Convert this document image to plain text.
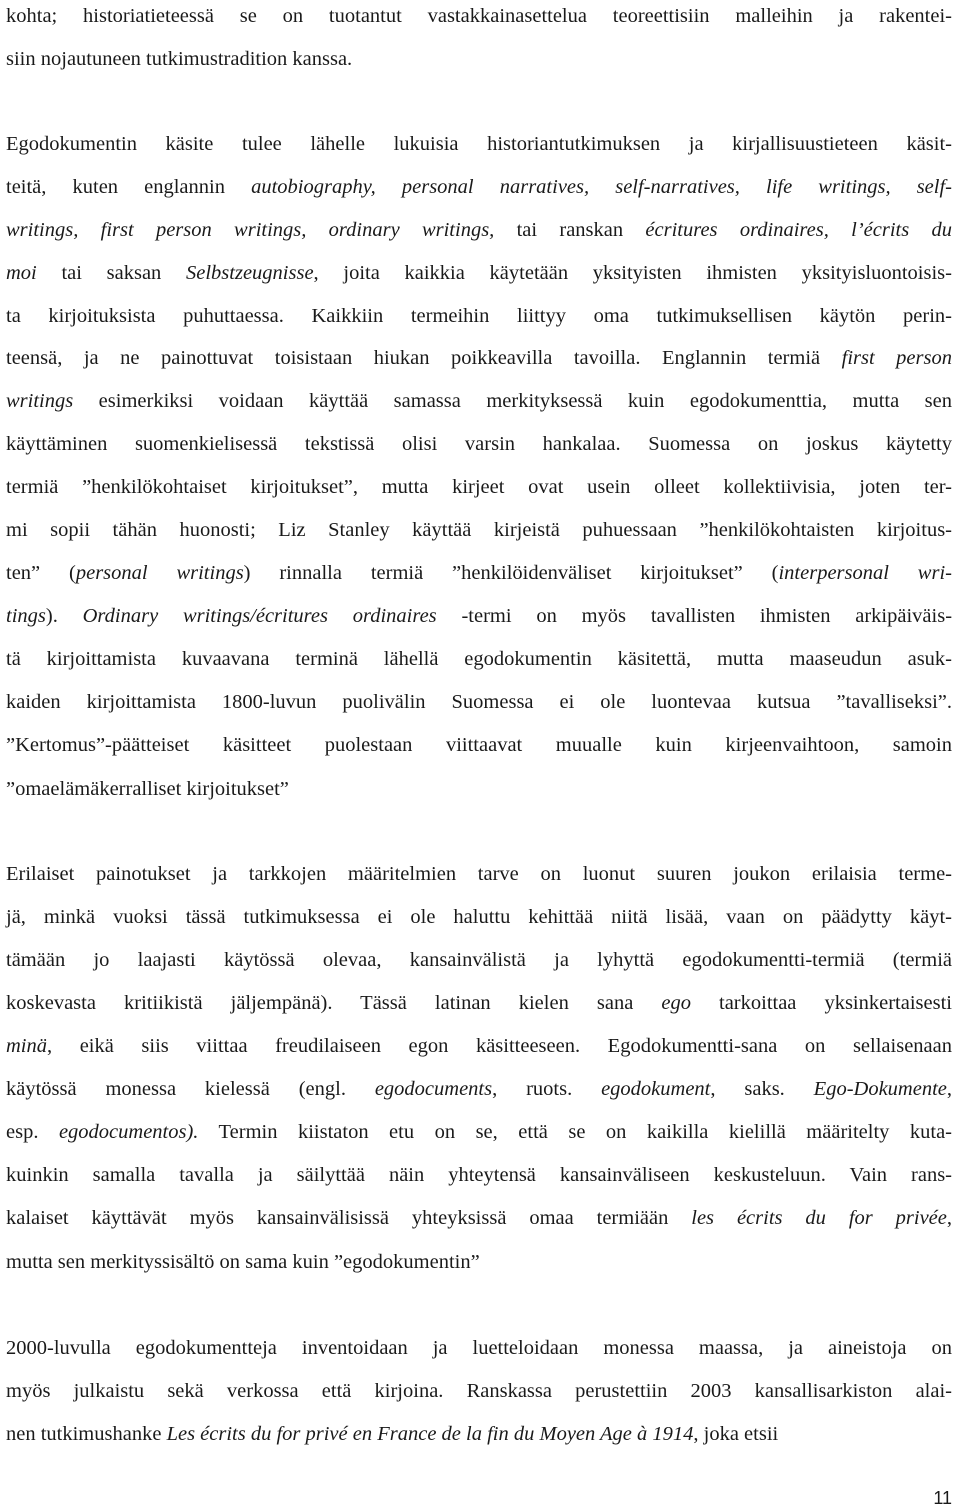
kohta; historiatieteessä se on tuotantut vastakkainasettelua teoreettisiin malleihin ja rakentei-
siin nojautuneen tutkimustradition kanssa.
Egodokumentin käsite tulee lähelle lukuisia historiantutkimuksen ja kirjallisuustieteen käsit-
teitä, kuten englannin autobiography, personal narratives, self-narratives, life writings, self-
writings, first person writings, ordinary writings, tai ranskan écritures ordinaires, l’écrits du
moi tai saksan Selbstzeugnisse, joita kaikkia käytetään yksityisten ihmisten yksityisluontoisis-
ta kirjoituksista puhuttaessa. Kaikkiin termeihin liittyy oma tutkimuksellisen käytön perin-
teensä, ja ne painottuvat toisistaan hiukan poikkeavilla tavoilla. Englannin termiä first person
writings esimerkiksi voidaan käyttää samassa merkityksessä kuin egodokumenttia, mutta sen
käyttäminen suomenkielisessä tekstissä olisi varsin hankalaa. Suomessa on joskus käytetty
termiä ”henkilökohtaiset kirjoitukset”, mutta kirjeet ovat usein olleet kollektiivisia, joten ter-
mi sopii tähän huonosti; Liz Stanley käyttää kirjeistä puhuessaan ”henkilökohtaisten kirjoitus-
ten” (personal writings) rinnalla termiä ”henkilöidenväliset kirjoitukset” (interpersonal wri-
tings). Ordinary writings/écritures ordinaires -termi on myös tavallisten ihmisten arkipäiväis-
tä kirjoittamista kuvaavana terminä lähellä egodokumentin käsitettä, mutta maaseudun asuk-
kaiden kirjoittamista 1800-luvun puolivälin Suomessa ei ole luontevaa kutsua ”tavalliseksi”.
”Kertomus”-päätteiset käsitteet puolestaan viittaavat muualle kuin kirjeenvaihtoon, samoin
”omaelämäkerralliset kirjoitukset”
Erilaiset painotukset ja tarkkojen määritelmien tarve on luonut suuren joukon erilaisia terme-
jä, minkä vuoksi tässä tutkimuksessa ei ole haluttu kehittää niitä lisää, vaan on päädytty käyt-
tämään jo laajasti käytössä olevaa, kansainvälistä ja lyhyttä egodokumentti-termiä (termiä
koskevasta kritiikistä jäljempänä). Tässä latinan kielen sana ego tarkoittaa yksinkertaisesti
minä, eikä siis viittaa freudilaiseen egon käsitteeseen. Egodokumentti-sana on sellaisenaan
käytössä monessa kielessä (engl. egodocuments, ruots. egodokument, saks. Ego-Dokumente,
esp. egodocumentos). Termin kiistaton etu on se, että se on kaikilla kielillä määritelty kuta-
kuinkin samalla tavalla ja säilyttää näin yhteytensä kansainväliseen keskusteluun. Vain rans-
kalaiset käyttävät myös kansainvälisissä yhteyksissä omaa termiään les écrits du for privée,
mutta sen merkityssisältö on sama kuin ”egodokumentin”
2000-luvulla egodokumentteja inventoidaan ja luetteloidaan monessa maassa, ja aineistoja on
myös julkaistu sekä verkossa että kirjoina. Ranskassa perustettiin 2003 kansallisarkiston alai-
nen tutkimushanke Les écrits du for privé en France de la fin du Moyen Age à 1914, joka etsii
11
